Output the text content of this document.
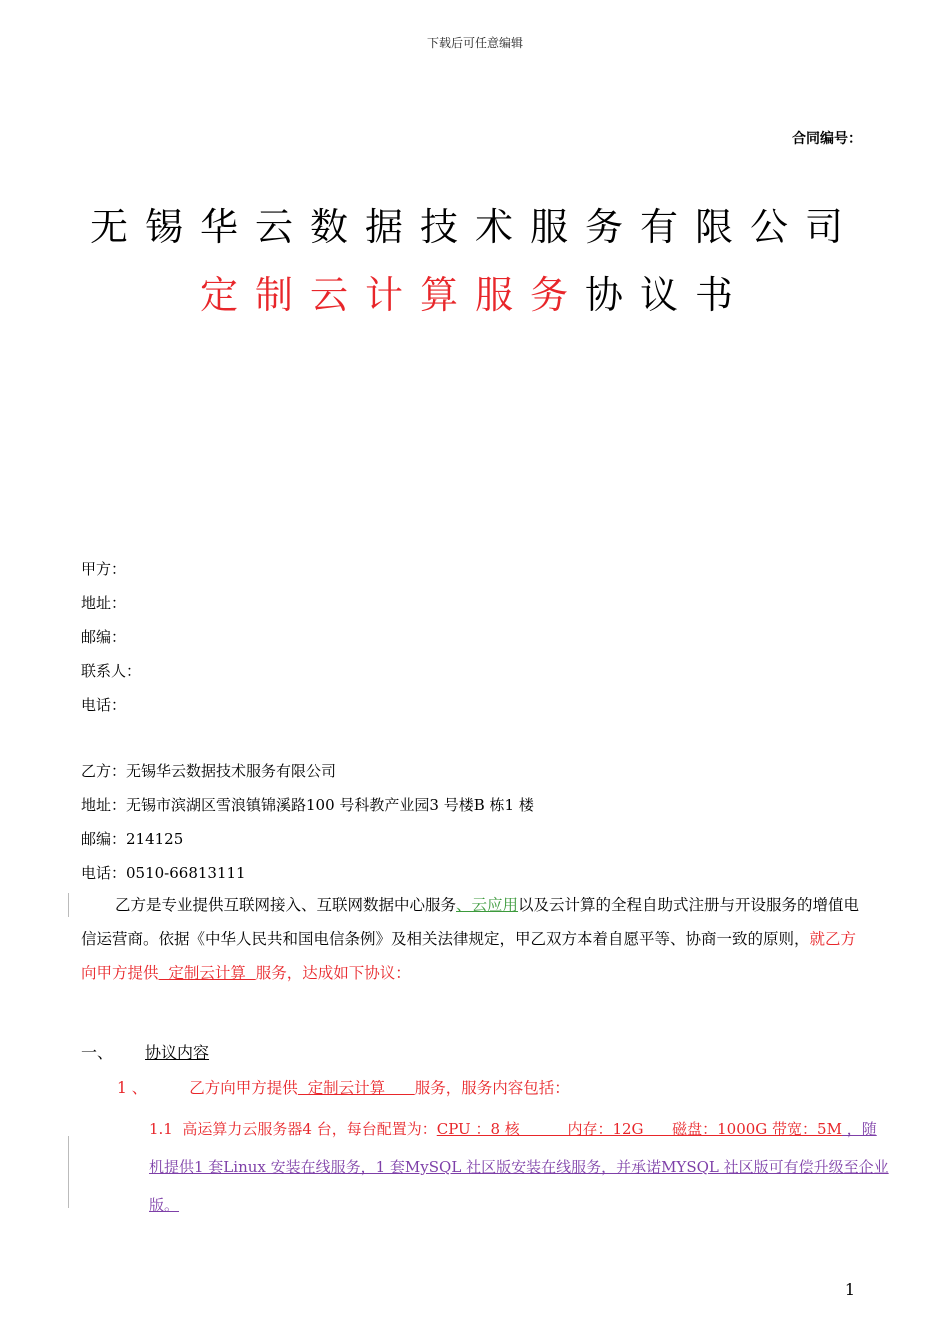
下载后可任意编辑
合同编号：
无锡华云数据技术服务有限公司
定制云计算服务协议书
甲方：
地址：
邮编：
联系人：
电话：
乙方：无锡华云数据技术服务有限公司
地址：无锡市滨湖区雪浪镇锦溪路100 号科教产业园3 号楼B 栋1 楼
邮编：214125
电话：0510-66813111
乙方是专业提供互联网接入、互联网数据中心服务、云应用以及云计算的全程自助式注册与开设服务的增值电信运营商。依据《中华人民共和国电信条例》及相关法律规定，甲乙双方本着自愿平等、协商一致的原则，就乙方向甲方提供  定制云计算  服务，达成如下协议：
一、 协议内容
1 、	乙方向甲方提供  定制云计算      服务，服务内容包括：
1.1 高运算力云服务器4 台，每台配置为：CPU ：8 核          内存：12G      磁盘：1000G 带宽：5M ，随机提供1 套Linux 安装在线服务，1 套MySQL 社区版安装在线服务，并承诺MYSQL 社区版可有偿升级至企业版。
1
